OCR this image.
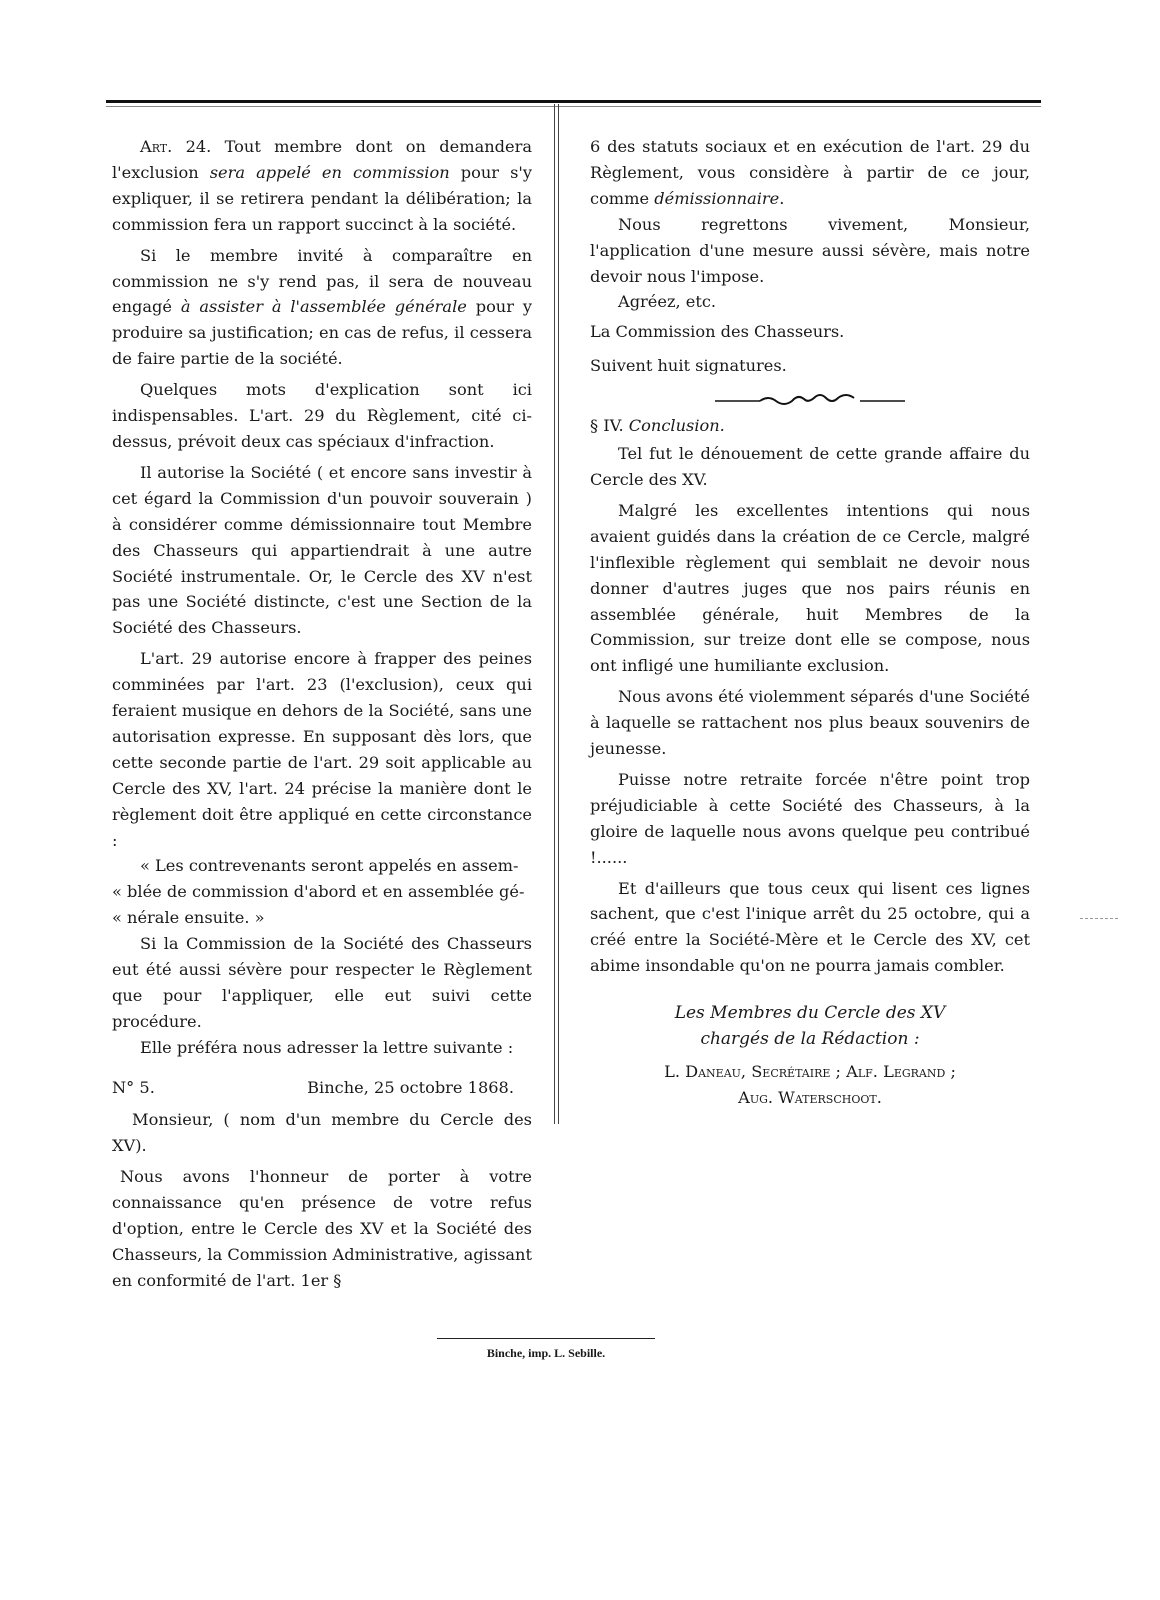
Art. 24. Tout membre dont on demandera l'exclusion sera appelé en commission pour s'y expliquer, il se retirera pendant la délibération; la commission fera un rapport succinct à la société.

Si le membre invité à comparaître en commission ne s'y rend pas, il sera de nouveau engagé à assister à l'assemblée générale pour y produire sa justification; en cas de refus, il cessera de faire partie de la société.

Quelques mots d'explication sont ici indispensables. L'art. 29 du Règlement, cité ci-dessus, prévoit deux cas spéciaux d'infraction.

Il autorise la Société ( et encore sans investir à cet égard la Commission d'un pouvoir souverain ) à considérer comme démissionnaire tout Membre des Chasseurs qui appartiendrait à une autre Société instrumentale. Or, le Cercle des XV n'est pas une Société distincte, c'est une Section de la Société des Chasseurs.

L'art. 29 autorise encore à frapper des peines comminées par l'art. 23 (l'exclusion), ceux qui feraient musique en dehors de la Société, sans une autorisation expresse. En supposant dès lors, que cette seconde partie de l'art. 29 soit applicable au Cercle des XV, l'art. 24 précise la manière dont le règlement doit être appliqué en cette circonstance :

« Les contrevenants seront appelés en assem-

« blée de commission d'abord et en assemblée gé-

« nérale ensuite. »

Si la Commission de la Société des Chasseurs eut été aussi sévère pour respecter le Règlement que pour l'appliquer, elle eut suivi cette procédure.

Elle préféra nous adresser la lettre suivante :

N° 5.	Binche, 25 octobre 1868.

Monsieur, ( nom d'un membre du Cercle des XV).

Nous avons l'honneur de porter à votre connaissance qu'en présence de votre refus d'option, entre le Cercle des XV et la Société des Chasseurs, la Commission Administrative, agissant en conformité de l'art. 1er §

6 des statuts sociaux et en exécution de l'art. 29 du Règlement, vous considère à partir de ce jour, comme démissionnaire.

Nous regrettons vivement, Monsieur, l'application d'une mesure aussi sévère, mais notre devoir nous l'impose.

Agréez, etc.

La Commission des Chasseurs.

Suivent huit signatures.

§ IV. Conclusion.

Tel fut le dénouement de cette grande affaire du Cercle des XV.

Malgré les excellentes intentions qui nous avaient guidés dans la création de ce Cercle, malgré l'inflexible règlement qui semblait ne devoir nous donner d'autres juges que nos pairs réunis en assemblée générale, huit Membres de la Commission, sur treize dont elle se compose, nous ont infligé une humiliante exclusion.

Nous avons été violemment séparés d'une Société à laquelle se rattachent nos plus beaux souvenirs de jeunesse.

Puisse notre retraite forcée n'être point trop préjudiciable à cette Société des Chasseurs, à la gloire de laquelle nous avons quelque peu contribué !......

Et d'ailleurs que tous ceux qui lisent ces lignes sachent, que c'est l'inique arrêt du 25 octobre, qui a créé entre la Société-Mère et le Cercle des XV, cet abime insondable qu'on ne pourra jamais combler.

Les Membres du Cercle des XV
chargés de la Rédaction :
L. Daneau, Secrétaire ; Alf. Legrand ;
Aug. Waterschoot.
Binche, imp. L. Sebille.
